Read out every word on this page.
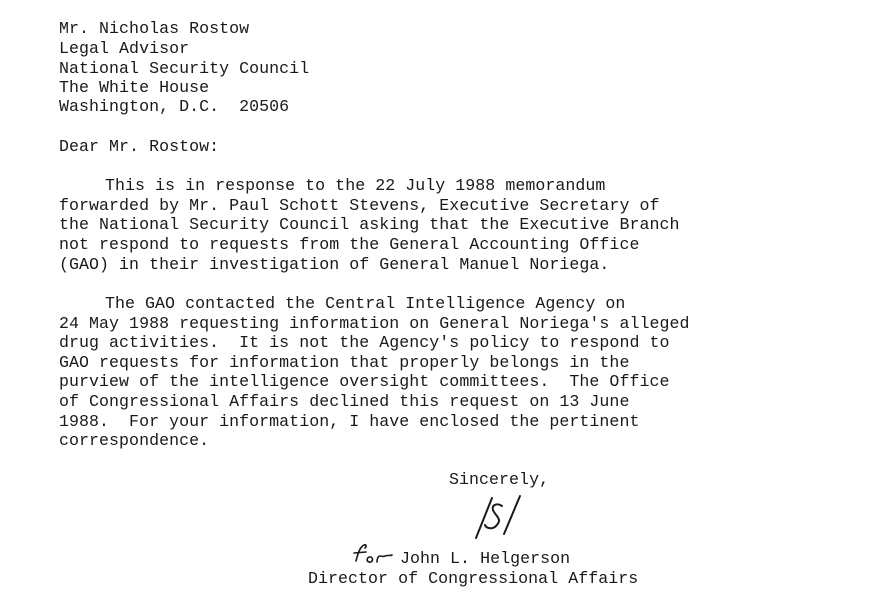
Mr. Nicholas Rostow
Legal Advisor
National Security Council
The White House
Washington, D.C.  20506
Dear Mr. Rostow:
This is in response to the 22 July 1988 memorandum
forwarded by Mr. Paul Schott Stevens, Executive Secretary of
the National Security Council asking that the Executive Branch
not respond to requests from the General Accounting Office
(GAO) in their investigation of General Manuel Noriega.
The GAO contacted the Central Intelligence Agency on
24 May 1988 requesting information on General Noriega's alleged
drug activities.  It is not the Agency's policy to respond to
GAO requests for information that properly belongs in the
purview of the intelligence oversight committees.  The Office
of Congressional Affairs declined this request on 13 June
1988.  For your information, I have enclosed the pertinent
correspondence.
Sincerely,
John L. Helgerson
Director of Congressional Affairs
